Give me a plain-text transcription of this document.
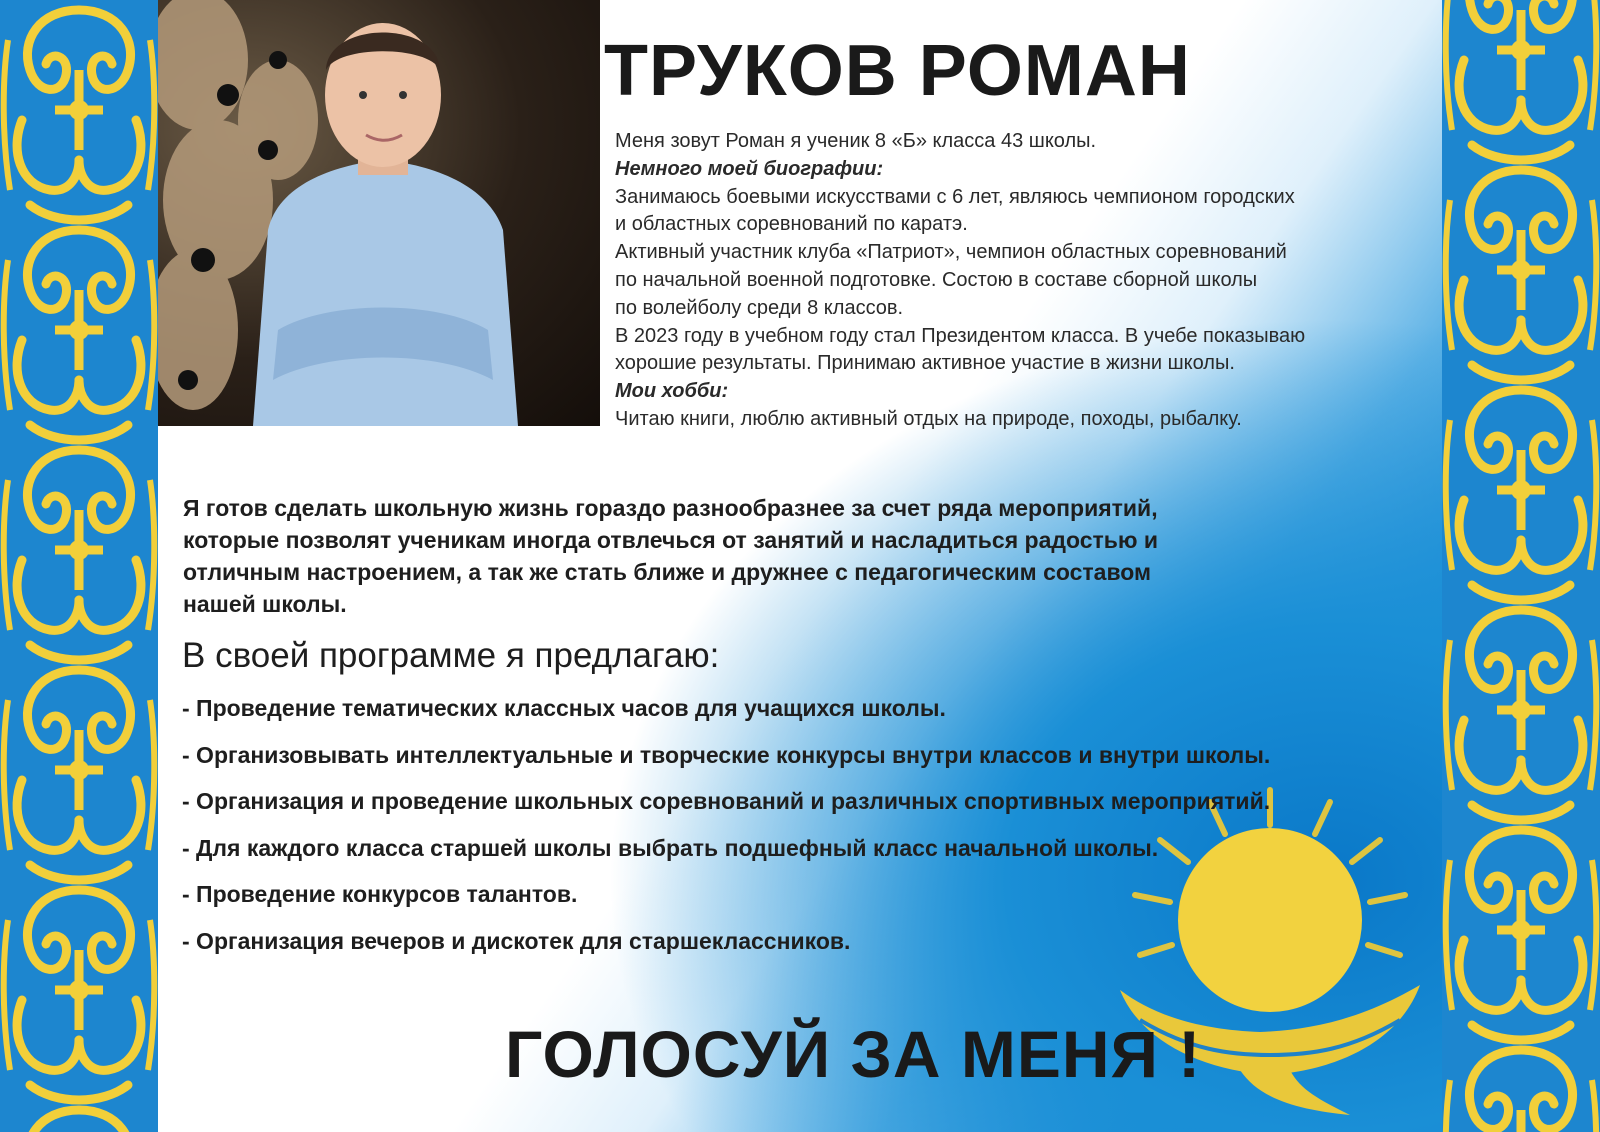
ТРУКОВ РОМАН
Меня зовут Роман я ученик 8 «Б» класса 43 школы.
Немного моей биографии:
Занимаюсь боевыми искусствами с 6 лет, являюсь чемпионом городских
и областных соревнований по каратэ.
Активный участник клуба «Патриот», чемпион областных соревнований
по начальной военной подготовке. Состою в составе сборной школы
по волейболу среди 8 классов.
В 2023 году в учебном году стал Президентом класса. В учебе показываю
хорошие результаты. Принимаю активное участие в жизни школы.
Мои хобби:
Читаю книги, люблю активный отдых на природе, походы, рыбалку.
Я готов сделать школьную жизнь гораздо разнообразнее за счет ряда мероприятий,
которые позволят ученикам иногда отвлечься от занятий и насладиться радостью и
отличным настроением, а так же стать ближе и дружнее с педагогическим составом
нашей школы.
В своей программе я предлагаю:
- Проведение тематических классных часов для учащихся школы.
- Организовывать интеллектуальные и творческие конкурсы внутри классов и внутри школы.
- Организация и проведение школьных соревнований и различных спортивных мероприятий.
- Для каждого класса старшей школы выбрать подшефный класс начальной школы.
- Проведение конкурсов талантов.
- Организация вечеров и дискотек для старшеклассников.
ГОЛОСУЙ ЗА МЕНЯ !
